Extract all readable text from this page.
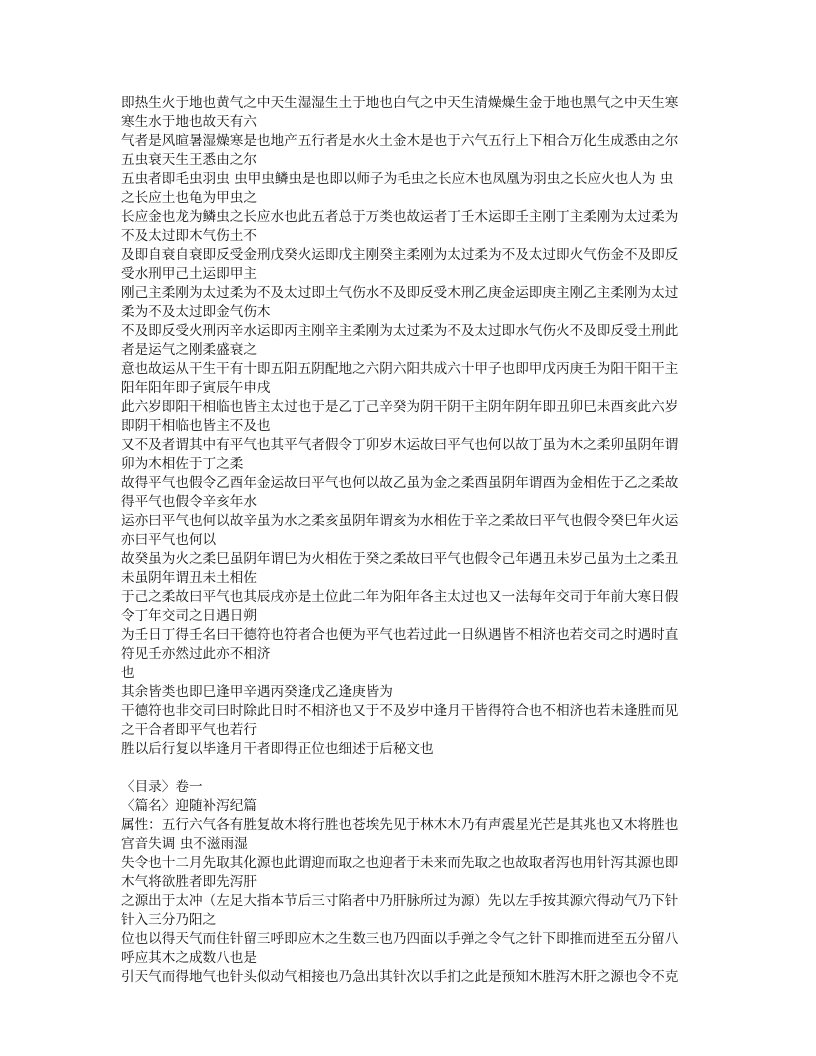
即热生火于地也黄气之中天生湿湿生土于地也白气之中天生清燥燥生金于地也黑气之中天生寒
寒生水于地也故天有六
气者是风暄暑湿燥寒是也地产五行者是水火土金木是也于六气五行上下相合万化生成悉由之尔
五虫衰天生王悉由之尔
五虫者即毛虫羽虫 虫甲虫鳞虫是也即以师子为毛虫之长应木也凤凰为羽虫之长应火也人为 虫
之长应土也龟为甲虫之
长应金也龙为鳞虫之长应水也此五者总于万类也故运者丁壬木运即壬主刚丁主柔刚为太过柔为
不及太过即木气伤土不
及即自衰自衰即反受金刑戊癸火运即戊主刚癸主柔刚为太过柔为不及太过即火气伤金不及即反
受水刑甲己土运即甲主
刚己主柔刚为太过柔为不及太过即土气伤水不及即反受木刑乙庚金运即庚主刚乙主柔刚为太过
柔为不及太过即金气伤木
不及即反受火刑丙辛水运即丙主刚辛主柔刚为太过柔为不及太过即水气伤火不及即反受土刑此
者是运气之刚柔盛衰之
意也故运从干生干有十即五阳五阴配地之六阴六阳共成六十甲子也即甲戊丙庚壬为阳干阳干主
阳年阳年即子寅辰午申戌
此六岁即阳干相临也皆主太过也于是乙丁己辛癸为阴干阴干主阴年阴年即丑卯巳未酉亥此六岁
即阴干相临也皆主不及也
又不及者谓其中有平气也其平气者假令丁卯岁木运故曰平气也何以故丁虽为木之柔卯虽阴年谓
卯为木相佐于丁之柔
故得平气也假令乙酉年金运故曰平气也何以故乙虽为金之柔酉虽阴年谓酉为金相佐于乙之柔故
得平气也假令辛亥年水
运亦曰平气也何以故辛虽为水之柔亥虽阴年谓亥为水相佐于辛之柔故曰平气也假令癸巳年火运
亦曰平气也何以
故癸虽为火之柔巳虽阴年谓巳为火相佐于癸之柔故曰平气也假令己年遇丑未岁己虽为土之柔丑
未虽阴年谓丑未土相佐
于己之柔故曰平气也其辰戌亦是土位此二年为阳年各主太过也又一法每年交司于年前大寒日假
令丁年交司之日遇日朔
为壬日丁得壬名曰干德符也符者合也便为平气也若过此一日纵遇皆不相济也若交司之时遇时直
符见壬亦然过此亦不相济
也
其余皆类也即巳逢甲辛遇丙癸逢戊乙逢庚皆为
干德符也非交司曰时除此日时不相济也又于不及岁中逢月干皆得符合也不相济也若未逢胜而见
之干合者即平气也若行
胜以后行复以毕逢月干者即得正位也细述于后秘文也
〈目录〉卷一
〈篇名〉迎随补泻纪篇
属性：五行六气各有胜复故木将行胜也苍埃先见于林木木乃有声震星光芒是其兆也又木将胜也
宫音失调 虫不滋雨湿
失令也十二月先取其化源也此谓迎而取之也迎者于未来而先取之也故取者泻也用针泻其源也即
木气将欲胜者即先泻肝
之源出于太冲（左足大指本节后三寸陷者中乃肝脉所过为源）先以左手按其源穴得动气乃下针
针入三分乃阳之
位也以得天气而住针留三呼即应木之生数三也乃四面以手弹之令气之针下即推而进至五分留八
呼应其木之成数八也是
引天气而得地气也针头似动气相接也乃急出其针次以手扪之此是预知木胜泻木肝之源也令不克
